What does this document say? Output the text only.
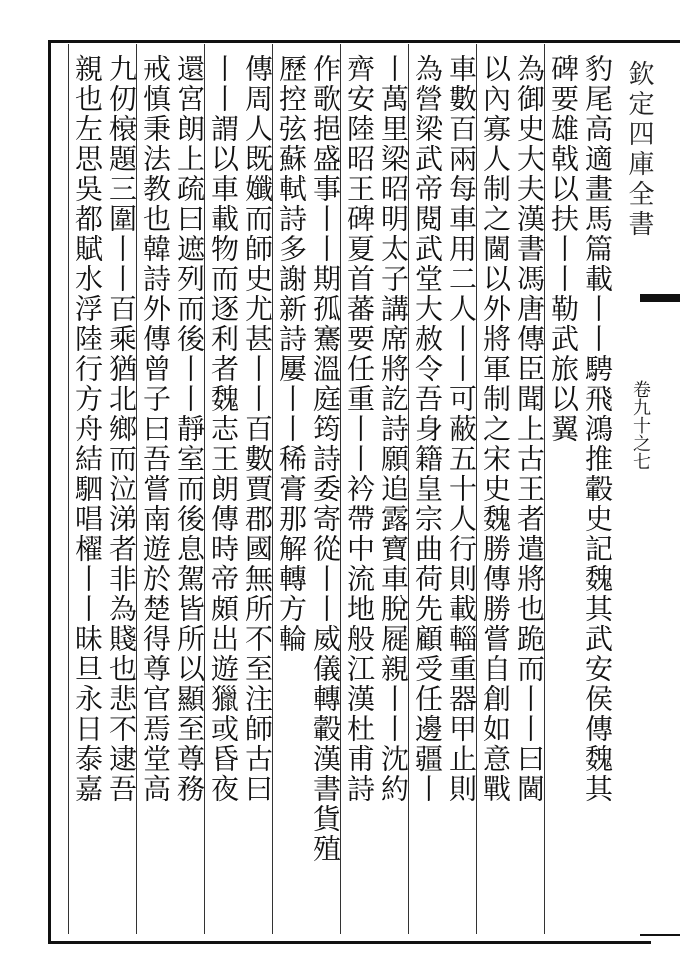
欽定四庫全書
卷九十之七
豹尾高適畫馬篇載丨丨騁飛鴻推轂史記魏其武安侯傳魏其
碑要雄戟以扶丨丨勒武旅以翼
為御史大夫漢書馮唐傳臣聞上古王者遣將也跪而丨丨曰閫
以內寡人制之閫以外將軍制之宋史魏勝傳勝嘗自創如意戰
車數百兩每車用二人丨丨可蔽五十人行則載輜重器甲止則
為營梁武帝閱武堂大赦令吾身籍皇宗曲荷先顧受任邊疆丨
丨萬里梁昭明太子講席將訖詩願追露寶車脫屣親丨丨沈約
齊安陸昭王碑夏首蕃要任重丨丨衿帶中流地般江漢杜甫詩
作歌挹盛事丨丨期孤騫溫庭筠詩委寄從丨丨威儀轉轂漢書貨殖
歷控弦蘇軾詩多謝新詩屢丨丨稀膏那解轉方輪
傳周人既孅而師史尤甚丨丨百數賈郡國無所不至注師古曰
丨丨謂以車載物而逐利者魏志王朗傳時帝頗出遊獵或昏夜
還宮朗上疏曰遮列而後丨丨靜室而後息駕皆所以顯至尊務
戒慎秉法教也韓詩外傳曾子曰吾嘗南遊於楚得尊官焉堂高
九仞榱題三圍丨丨百乘猶北鄉而泣涕者非為賤也悲不逮吾
親也左思吳都賦水浮陸行方舟結駟唱櫂丨丨昧旦永日泰嘉
